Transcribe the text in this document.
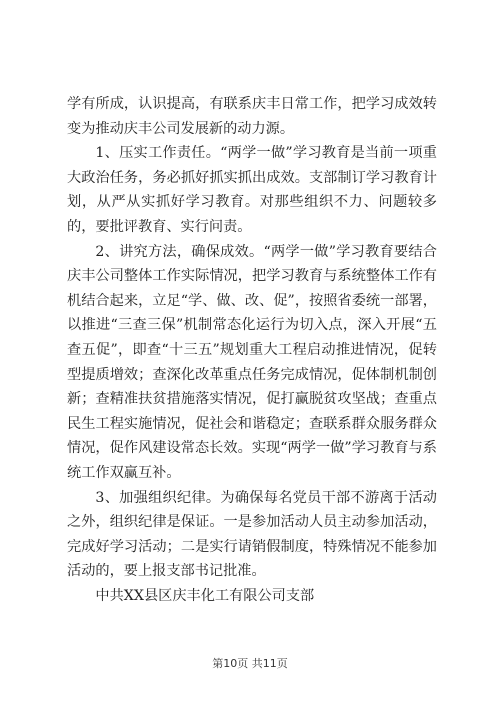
学有所成，认识提高，有联系庆丰日常工作，把学习成效转变为推动庆丰公司发展新的动力源。

1、压实工作责任。“两学一做”学习教育是当前一项重大政治任务，务必抓好抓实抓出成效。支部制订学习教育计划，从严从实抓好学习教育。对那些组织不力、问题较多的，要批评教育、实行问责。

2、讲究方法，确保成效。“两学一做”学习教育要结合庆丰公司整体工作实际情况，把学习教育与系统整体工作有机结合起来，立足“学、做、改、促”，按照省委统一部署，以推进“三查三保”机制常态化运行为切入点，深入开展“五查五促”，即查“十三五”规划重大工程启动推进情况，促转型提质增效；查深化改革重点任务完成情况，促体制机制创新；查精准扶贫措施落实情况，促打赢脱贫攻坚战；查重点民生工程实施情况，促社会和谐稳定；查联系群众服务群众情况，促作风建设常态长效。实现“两学一做”学习教育与系统工作双赢互补。

3、加强组织纪律。为确保每名党员干部不游离于活动之外，组织纪律是保证。一是参加活动人员主动参加活动，完成好学习活动；二是实行请销假制度，特殊情况不能参加活动的，要上报支部书记批准。

中共XX县区庆丰化工有限公司支部

第10页 共11页
